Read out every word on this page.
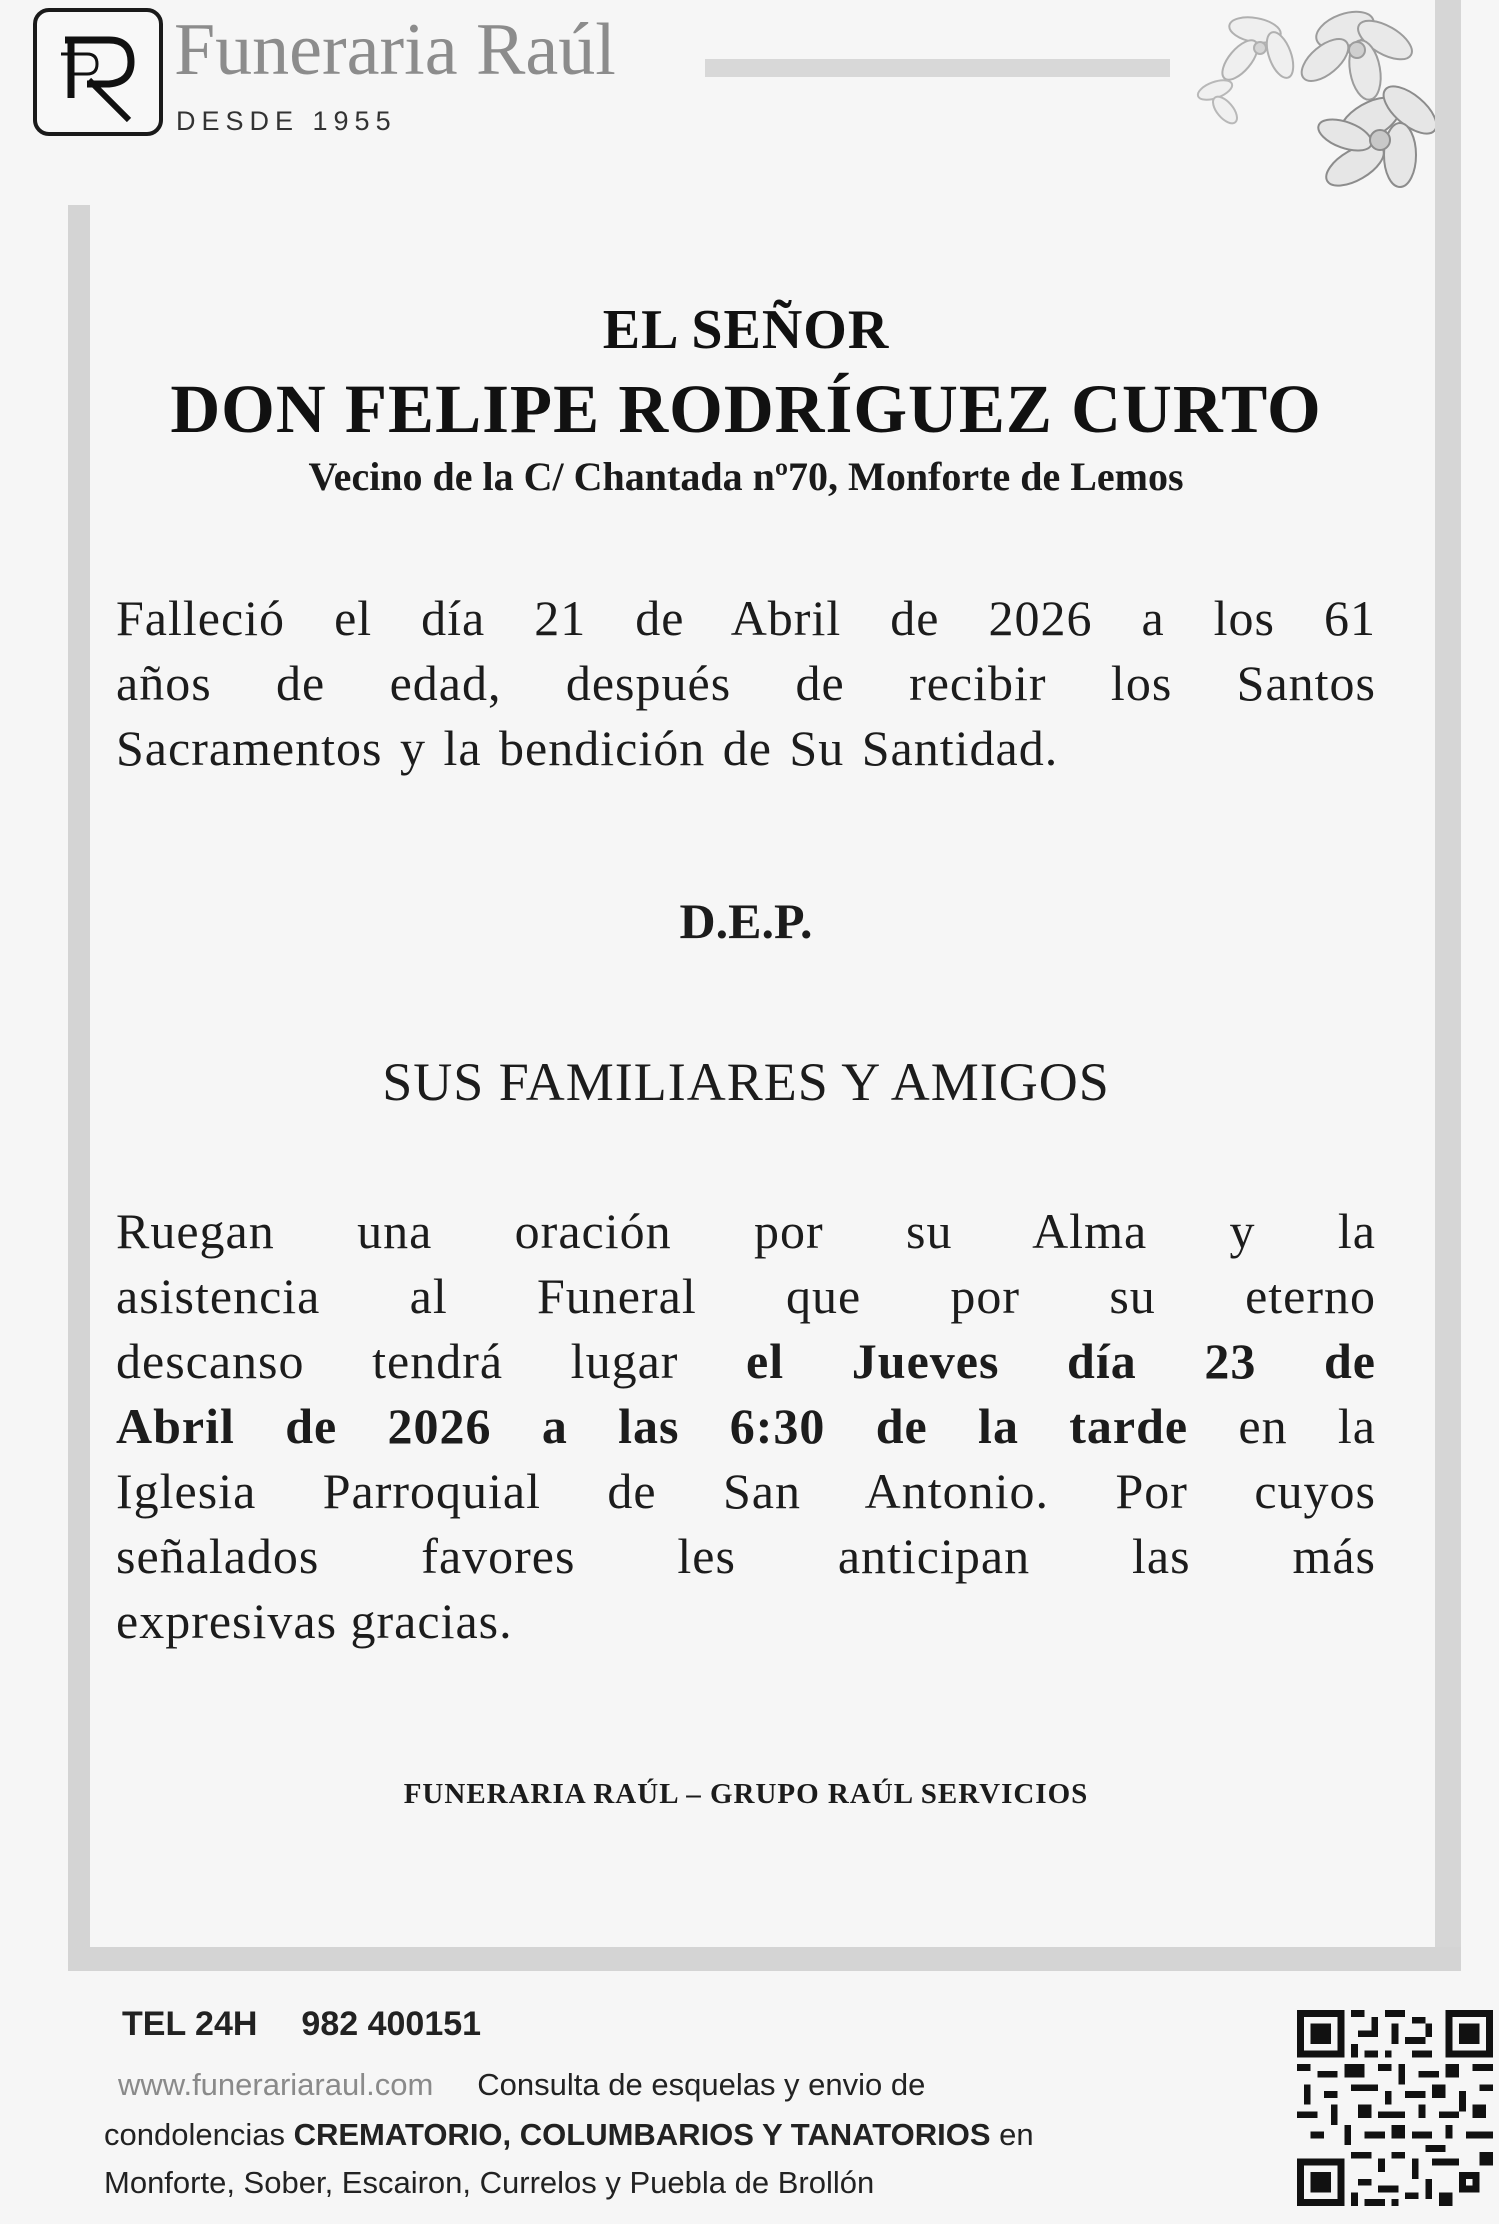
Funeraria Raúl
DESDE 1955
EL SEÑOR
DON FELIPE RODRÍGUEZ CURTO
Vecino de la C/ Chantada nº70, Monforte de Lemos
Falleció el día 21 de Abril de 2026 a los 61
años de edad, después de recibir los Santos
Sacramentos y la bendición de Su Santidad.
D.E.P.
SUS FAMILIARES Y AMIGOS
Ruegan una oración por su Alma y la
asistencia al Funeral que por su eterno
descanso tendrá lugar el Jueves día 23 de
Abril de 2026 a las 6:30 de la tarde en la
Iglesia Parroquial de San Antonio. Por cuyos
señalados favores les anticipan las más
expresivas gracias.
FUNERARIA RAÚL – GRUPO RAÚL SERVICIOS
TEL 24H 982 400151
www.funerariaraul.com Consulta de esquelas y envio de
condolencias CREMATORIO, COLUMBARIOS Y TANATORIOS en
Monforte, Sober, Escairon, Currelos y Puebla de Brollón
